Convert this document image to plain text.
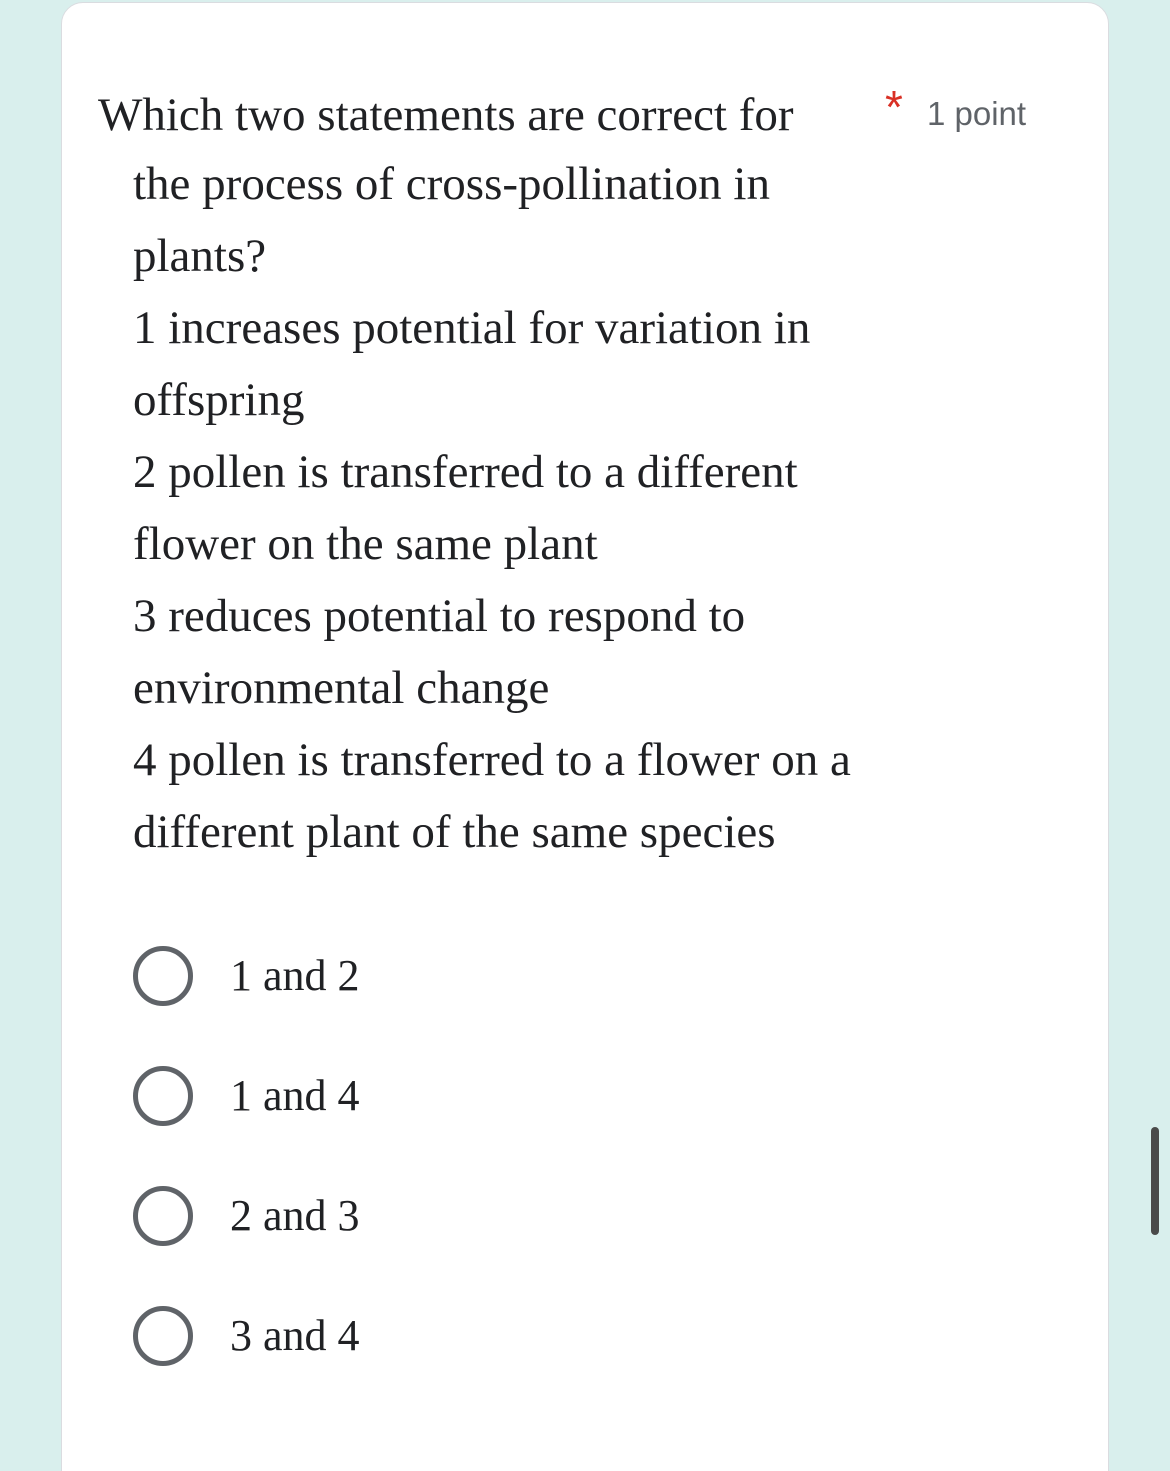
Which two statements are correct for * 1 point
the process of cross-pollination in
plants?
1 increases potential for variation in
offspring
2 pollen is transferred to a different
flower on the same plant
3 reduces potential to respond to
environmental change
4 pollen is transferred to a flower on a
different plant of the same species
1 and 2
1 and 4
2 and 3
3 and 4
